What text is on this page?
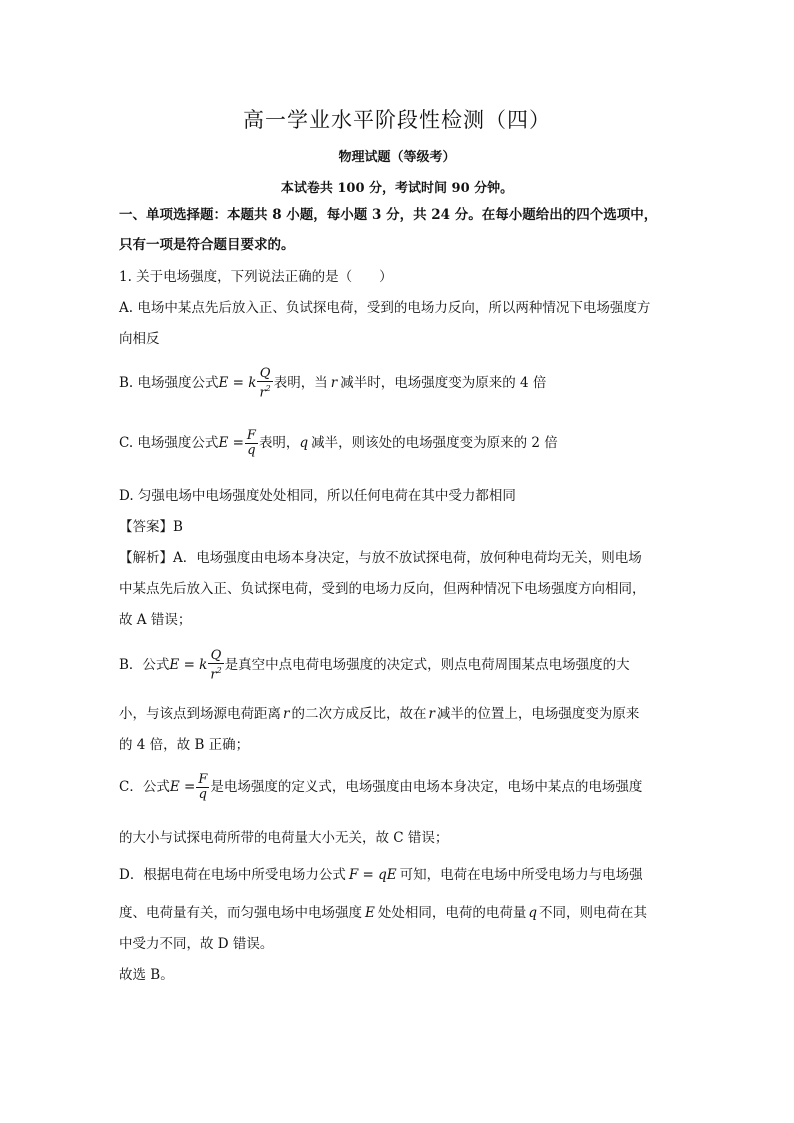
高一学业水平阶段性检测（四）
物理试题（等级考）
本试卷共 100 分，考试时间 90 分钟。
一、单项选择题：本题共 8 小题，每小题 3 分，共 24 分。在每小题给出的四个选项中，
只有一项是符合题目要求的。
1. 关于电场强度，下列说法正确的是（　　）
A. 电场中某点先后放入正、负试探电荷，受到的电场力反向，所以两种情况下电场强度方
向相反
B. 电场强度公式 E = k $\frac{Q}{r^2}$ 表明，当 r 减半时，电场强度变为原来的 4 倍
C. 电场强度公式 $E = \frac{F}{q}$ 表明， q 减半，则该处的电场强度变为原来的 2 倍
D. 匀强电场中电场强度处处相同，所以任何电荷在其中受力都相同
【答案】B
【解析】A．电场强度由电场本身决定，与放不放试探电荷，放何种电荷均无关，则电场
中某点先后放入正、负试探电荷，受到的电场力反向，但两种情况下电场强度方向相同，
故 A 错误；
B．公式 E = k $\frac{Q}{r^2}$ 是真空中点电荷电场强度的决定式，则点电荷周围某点电场强度的大
小，与该点到场源电荷距离 r 的二次方成反比，故在 r 减半的位置上，电场强度变为原来
的 4 倍，故 B 正确；
C．公式 $E = \frac{F}{q}$ 是电场强度的定义式，电场强度由电场本身决定，电场中某点的电场强度
的大小与试探电荷所带的电荷量大小无关，故 C 错误；
D．根据电荷在电场中所受电场力公式 F = qE 可知，电荷在电场中所受电场力与电场强
度、电荷量有关，而匀强电场中电场强度 E 处处相同，电荷的电荷量 q 不同，则电荷在其
中受力不同，故 D 错误。
故选 B。
